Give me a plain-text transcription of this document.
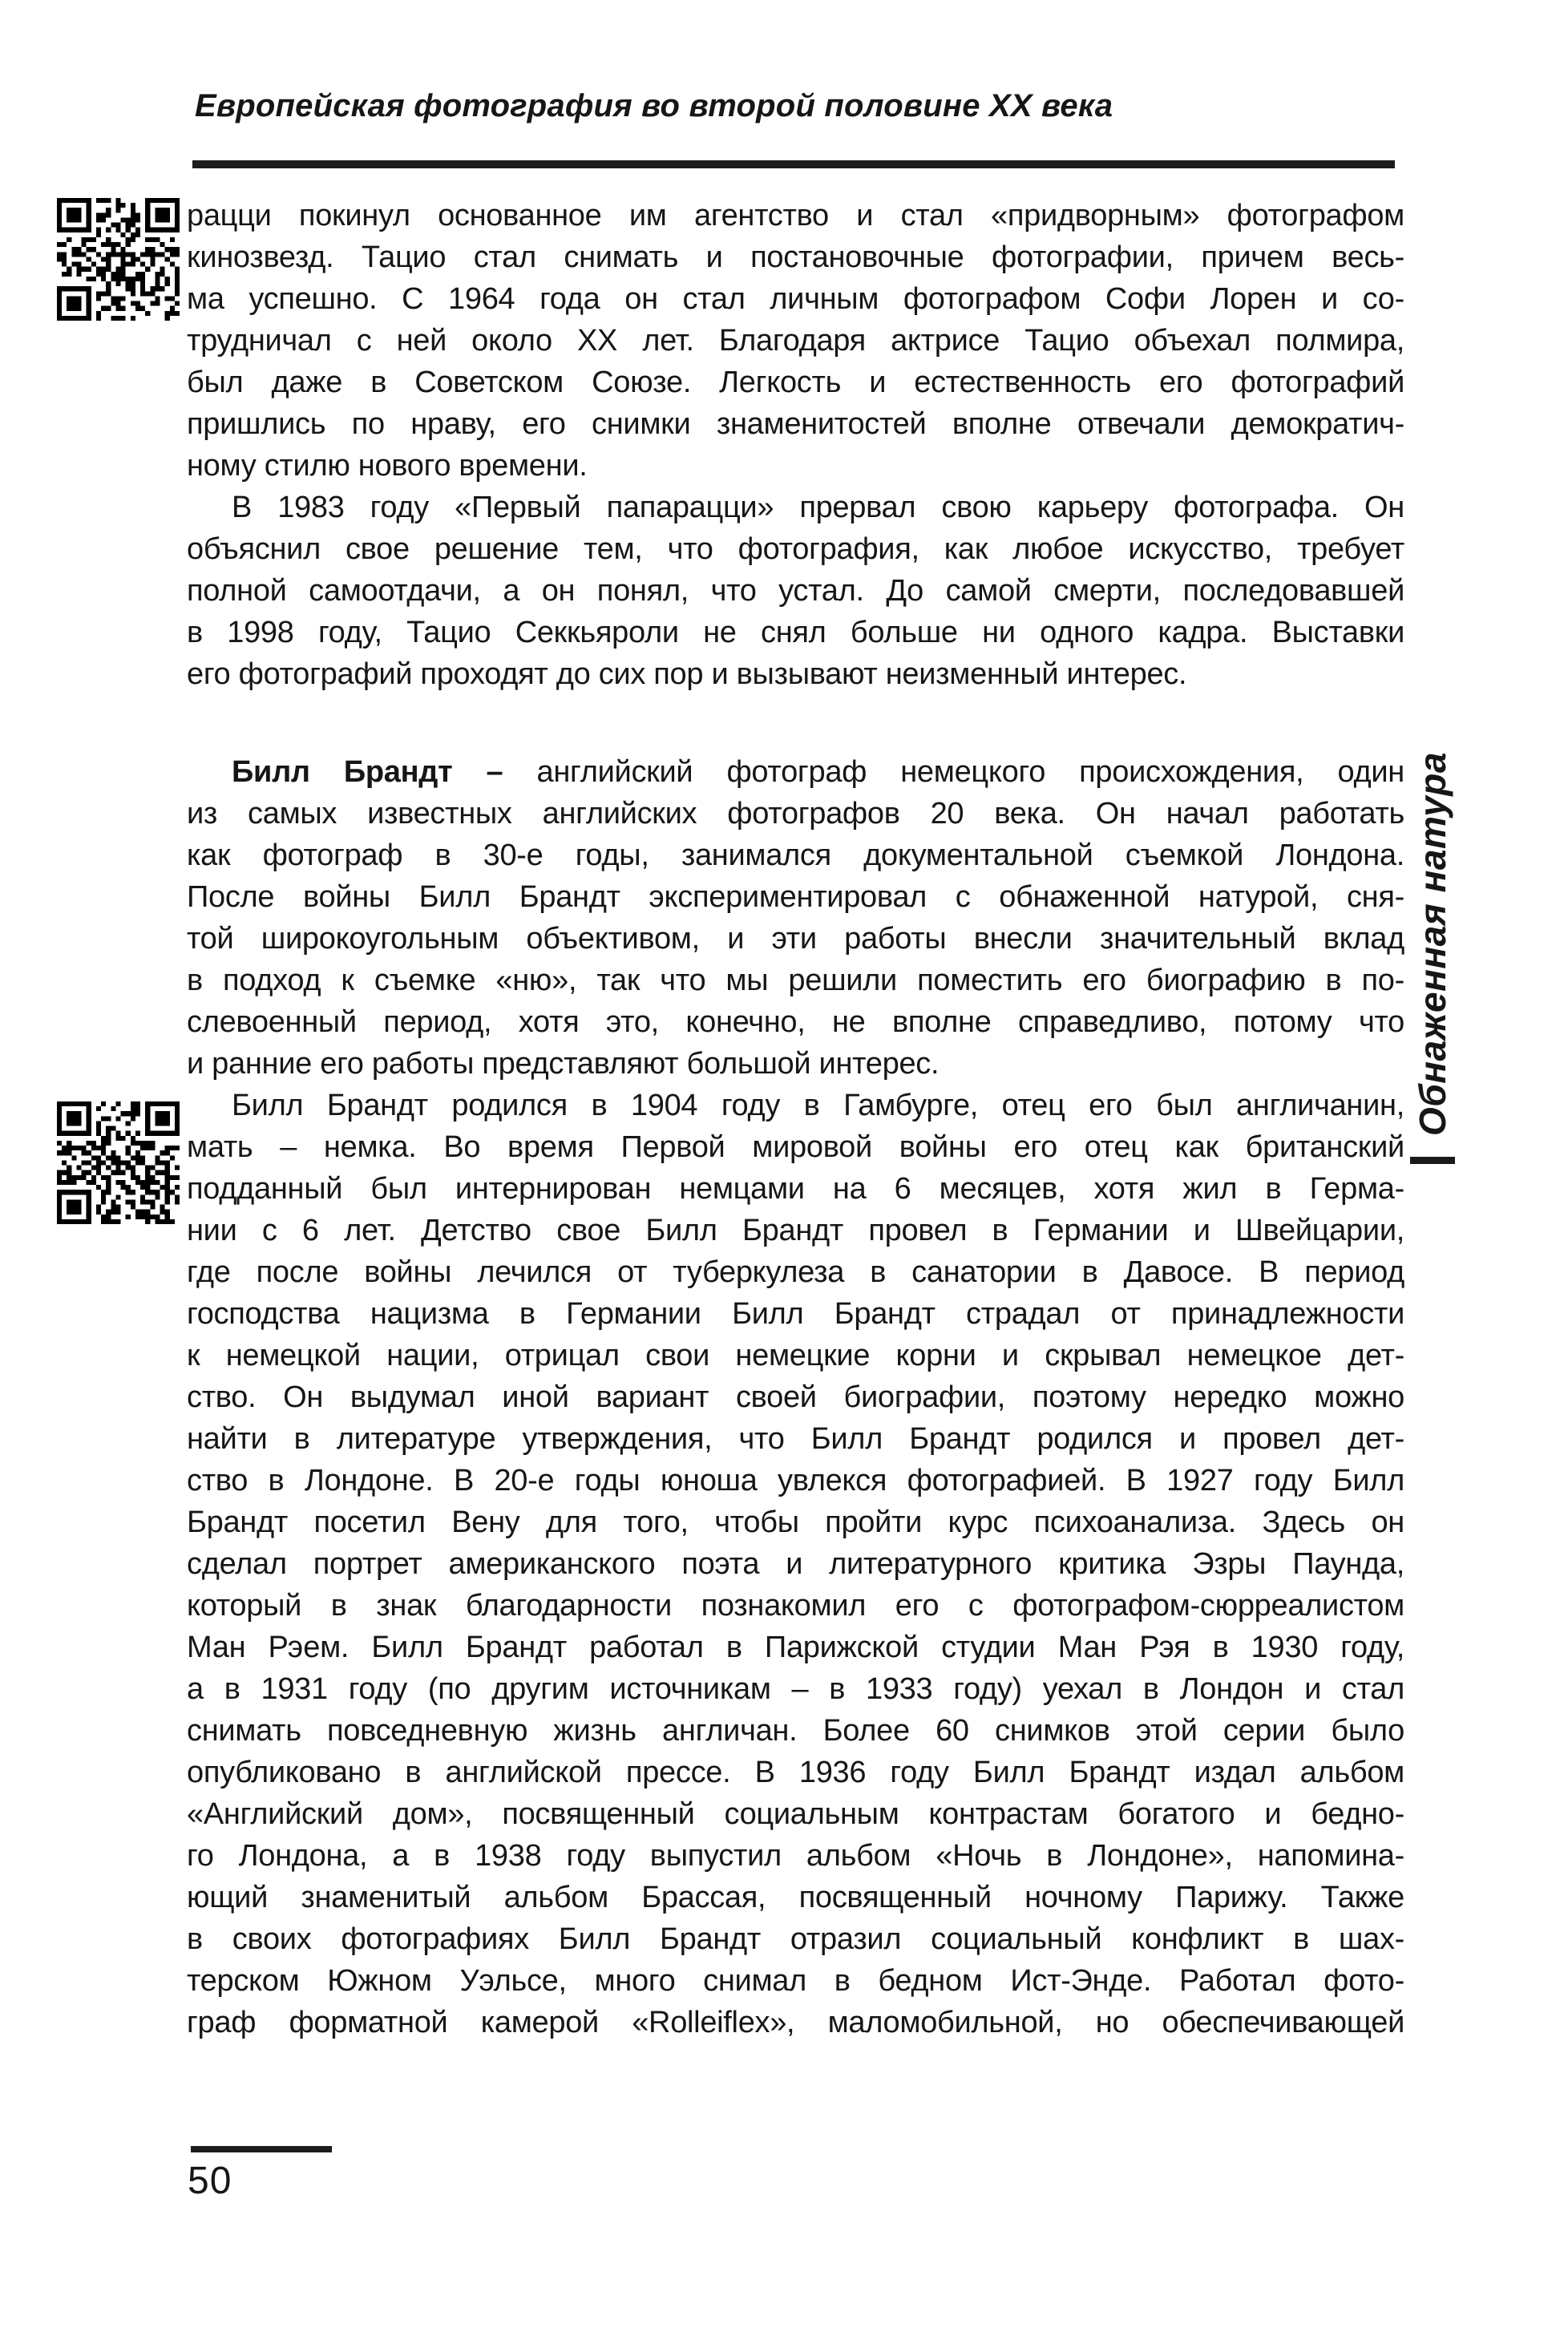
Европейская фотография во второй половине XX века
рацци покинул основанное им агентство и стал «придворным» фотографом
кинозвезд. Тацио стал снимать и постановочные фотографии, причем весь-
ма успешно. С 1964 года он стал личным фотографом Софи Лорен и со-
трудничал с ней около XX лет. Благодаря актрисе Тацио объехал полмира,
был даже в Советском Союзе. Легкость и естественность его фотографий
пришлись по нраву, его снимки знаменитостей вполне отвечали демократич-
ному стилю нового времени.
В 1983 году «Первый папарацци» прервал свою карьеру фотографа. Он
объяснил свое решение тем, что фотография, как любое искусство, требует
полной самоотдачи, а он понял, что устал. До самой смерти, последовавшей
в 1998 году, Тацио Секкьяроли не снял больше ни одного кадра. Выставки
его фотографий проходят до сих пор и вызывают неизменный интерес.
Билл Брандт – английский фотограф немецкого происхождения, один
из самых известных английских фотографов 20 века. Он начал работать
как фотограф в 30-е годы, занимался документальной съемкой Лондона.
После войны Билл Брандт экспериментировал с обнаженной натурой, сня-
той широкоугольным объективом, и эти работы внесли значительный вклад
в подход к съемке «ню», так что мы решили поместить его биографию в по-
слевоенный период, хотя это, конечно, не вполне справедливо, потому что
и ранние его работы представляют большой интерес.
Билл Брандт родился в 1904 году в Гамбурге, отец его был англичанин,
мать – немка. Во время Первой мировой войны его отец как британский
подданный был интернирован немцами на 6 месяцев, хотя жил в Герма-
нии с 6 лет. Детство свое Билл Брандт провел в Германии и Швейцарии,
где после войны лечился от туберкулеза в санатории в Давосе. В период
господства нацизма в Германии Билл Брандт страдал от принадлежности
к немецкой нации, отрицал свои немецкие корни и скрывал немецкое дет-
ство. Он выдумал иной вариант своей биографии, поэтому нередко можно
найти в литературе утверждения, что Билл Брандт родился и провел дет-
ство в Лондоне. В 20-е годы юноша увлекся фотографией. В 1927 году Билл
Брандт посетил Вену для того, чтобы пройти курс психоанализа. Здесь он
сделал портрет американского поэта и литературного критика Эзры Паунда,
который в знак благодарности познакомил его с фотографом-сюрреалистом
Ман Рэем. Билл Брандт работал в Парижской студии Ман Рэя в 1930 году,
а в 1931 году (по другим источникам – в 1933 году) уехал в Лондон и стал
снимать повседневную жизнь англичан. Более 60 снимков этой серии было
опубликовано в английской прессе. В 1936 году Билл Брандт издал альбом
«Английский дом», посвященный социальным контрастам богатого и бедно-
го Лондона, а в 1938 году выпустил альбом «Ночь в Лондоне», напомина-
ющий знаменитый альбом Брассая, посвященный ночному Парижу. Также
в своих фотографиях Билл Брандт отразил социальный конфликт в шах-
терском Южном Уэльсе, много снимал в бедном Ист-Энде. Работал фото-
граф форматной камерой «Rolleiflex», маломобильной, но обеспечивающей
Обнаженная натура
50
